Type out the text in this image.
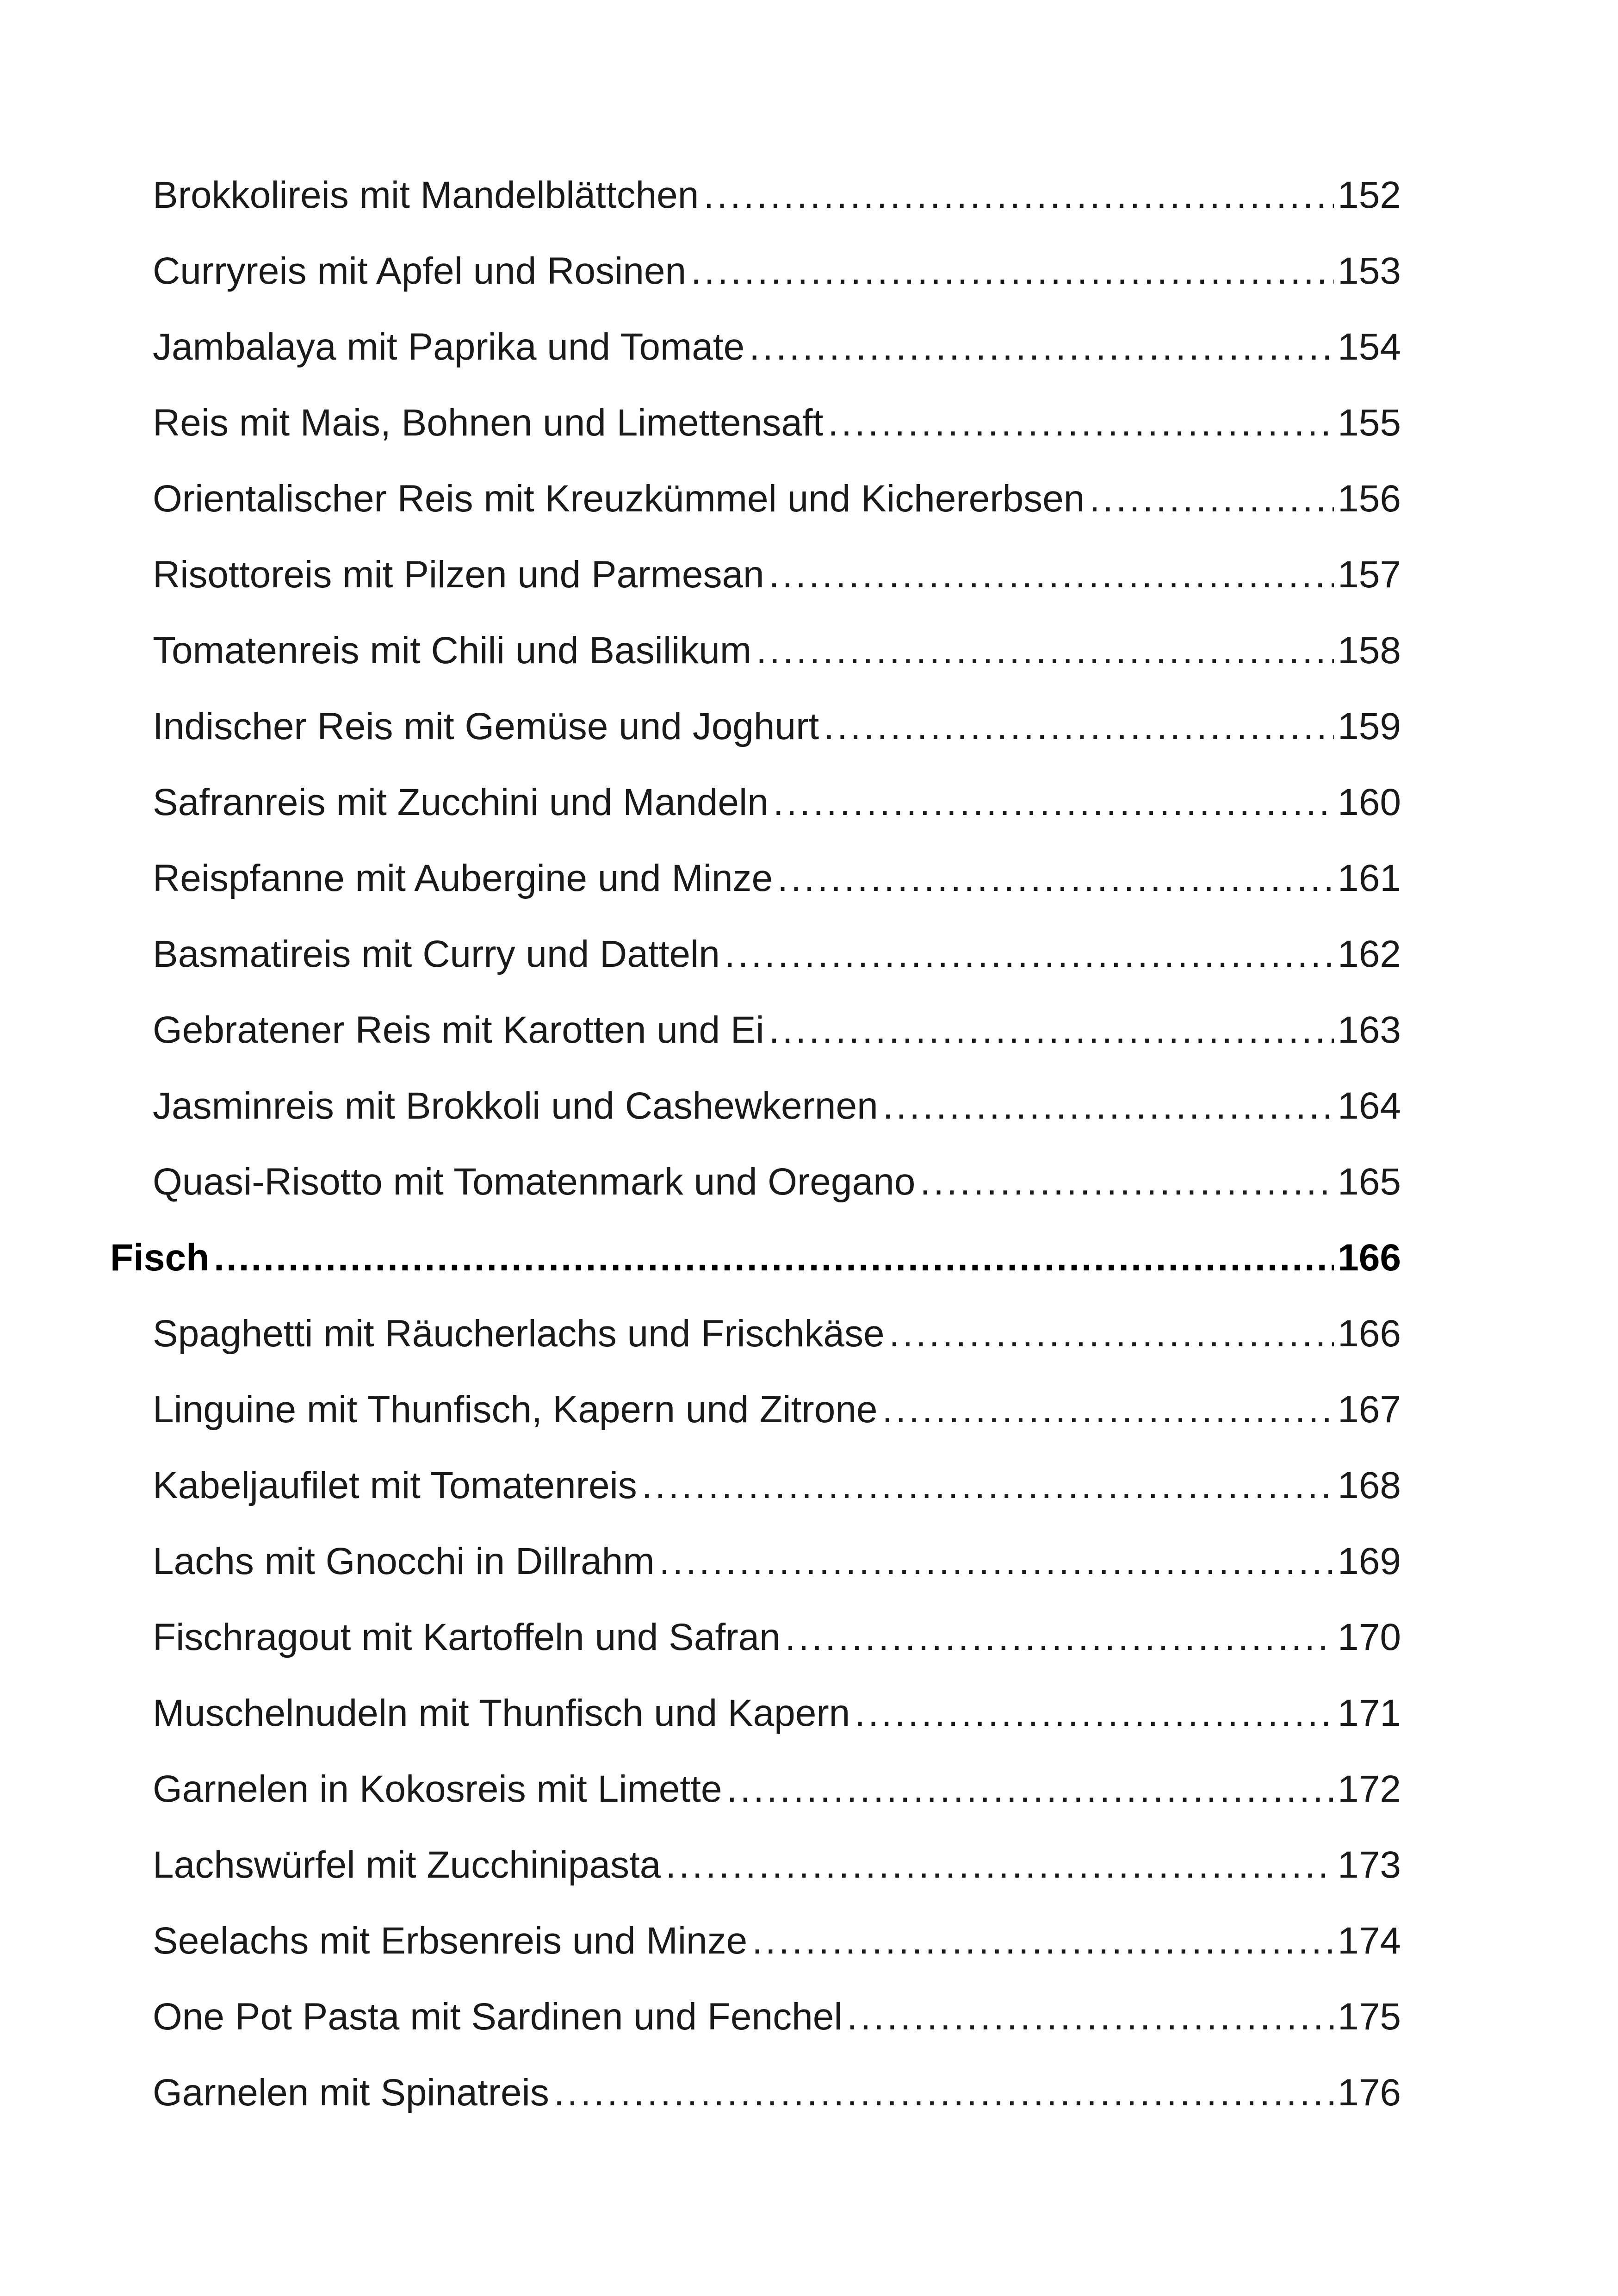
Brokkolireis mit Mandelblättchen .....	152
Curryreis mit Apfel und Rosinen .....	153
Jambalaya mit Paprika und Tomate .....	154
Reis mit Mais, Bohnen und Limettensaft .....	155
Orientalischer Reis mit Kreuzkümmel und Kichererbsen .....	156
Risottoreis mit Pilzen und Parmesan .....	157
Tomatenreis mit Chili und Basilikum .....	158
Indischer Reis mit Gemüse und Joghurt .....	159
Safranreis mit Zucchini und Mandeln .....	160
Reispfanne mit Aubergine und Minze .....	161
Basmatireis mit Curry und Datteln .....	162
Gebratener Reis mit Karotten und Ei .....	163
Jasminreis mit Brokkoli und Cashewkernen .....	164
Quasi-Risotto mit Tomatenmark und Oregano .....	165
Fisch .....	166
Spaghetti mit Räucherlachs und Frischkäse .....	166
Linguine mit Thunfisch, Kapern und Zitrone .....	167
Kabeljaufilet mit Tomatenreis .....	168
Lachs mit Gnocchi in Dillrahm .....	169
Fischragout mit Kartoffeln und Safran .....	170
Muschelnudeln mit Thunfisch und Kapern .....	171
Garnelen in Kokosreis mit Limette .....	172
Lachswürfel mit Zucchinipasta .....	173
Seelachs mit Erbsenreis und Minze .....	174
One Pot Pasta mit Sardinen und Fenchel .....	175
Garnelen mit Spinatreis .....	176
